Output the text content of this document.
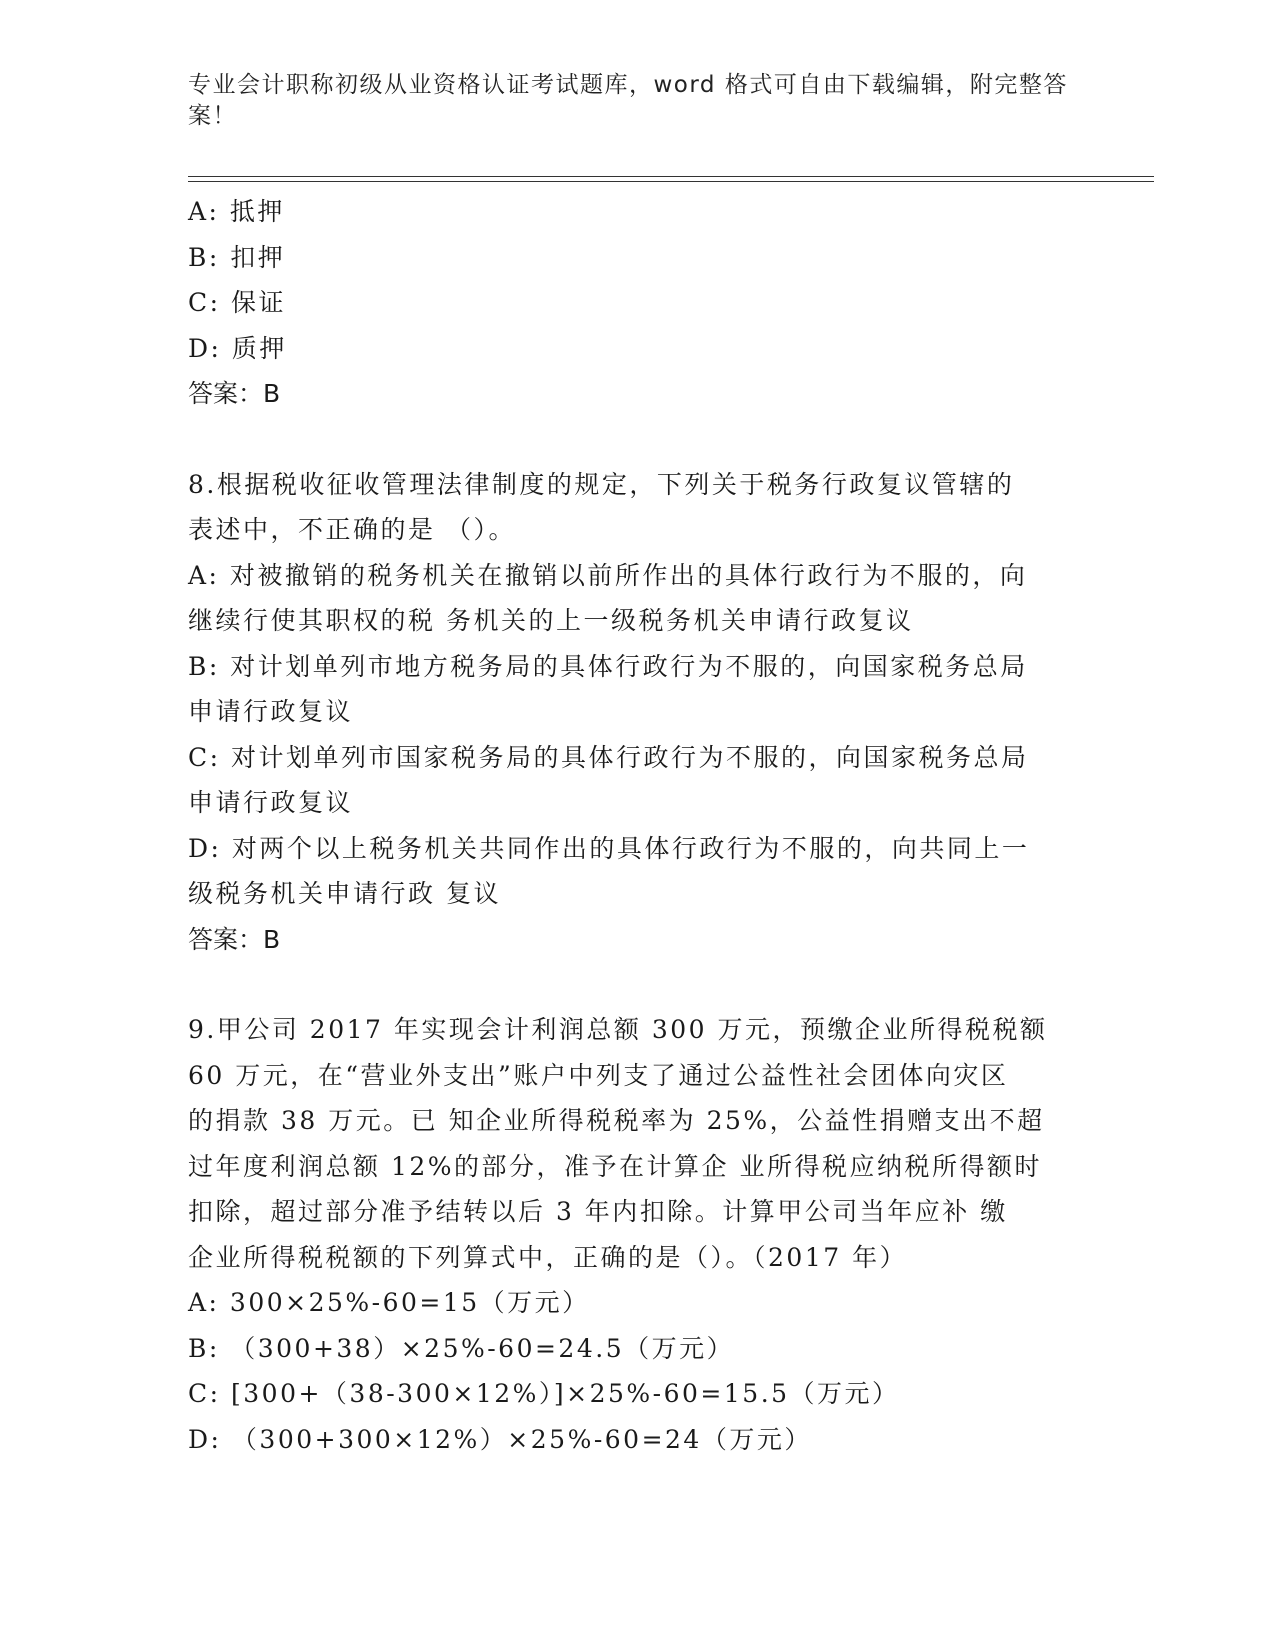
专业会计职称初级从业资格认证考试题库，word 格式可自由下载编辑，附完整答
案！

A: 抵押

B: 扣押

C: 保证

D: 质押

答案：B

8.根据税收征收管理法律制度的规定，下列关于税务行政复议管辖的

表述中，不正确的是 （）。

A: 对被撤销的税务机关在撤销以前所作出的具体行政行为不服的，向

继续行使其职权的税 务机关的上一级税务机关申请行政复议

B: 对计划单列市地方税务局的具体行政行为不服的，向国家税务总局

申请行政复议

C: 对计划单列市国家税务局的具体行政行为不服的，向国家税务总局

申请行政复议

D: 对两个以上税务机关共同作出的具体行政行为不服的，向共同上一

级税务机关申请行政 复议

答案：B

9.甲公司 2017 年实现会计利润总额 300 万元，预缴企业所得税税额

60 万元，在“营业外支出”账户中列支了通过公益性社会团体向灾区

的捐款 38 万元。已 知企业所得税税率为 25%，公益性捐赠支出不超

过年度利润总额 12%的部分，准予在计算企 业所得税应纳税所得额时

扣除，超过部分准予结转以后 3 年内扣除。计算甲公司当年应补 缴

企业所得税税额的下列算式中，正确的是（）。（2017 年）

A: 300×25%-60=15（万元）

B: （300+38）×25%-60=24.5（万元）

C: [300+（38-300×12%）]×25%-60=15.5（万元）

D: （300+300×12%）×25%-60=24（万元）
